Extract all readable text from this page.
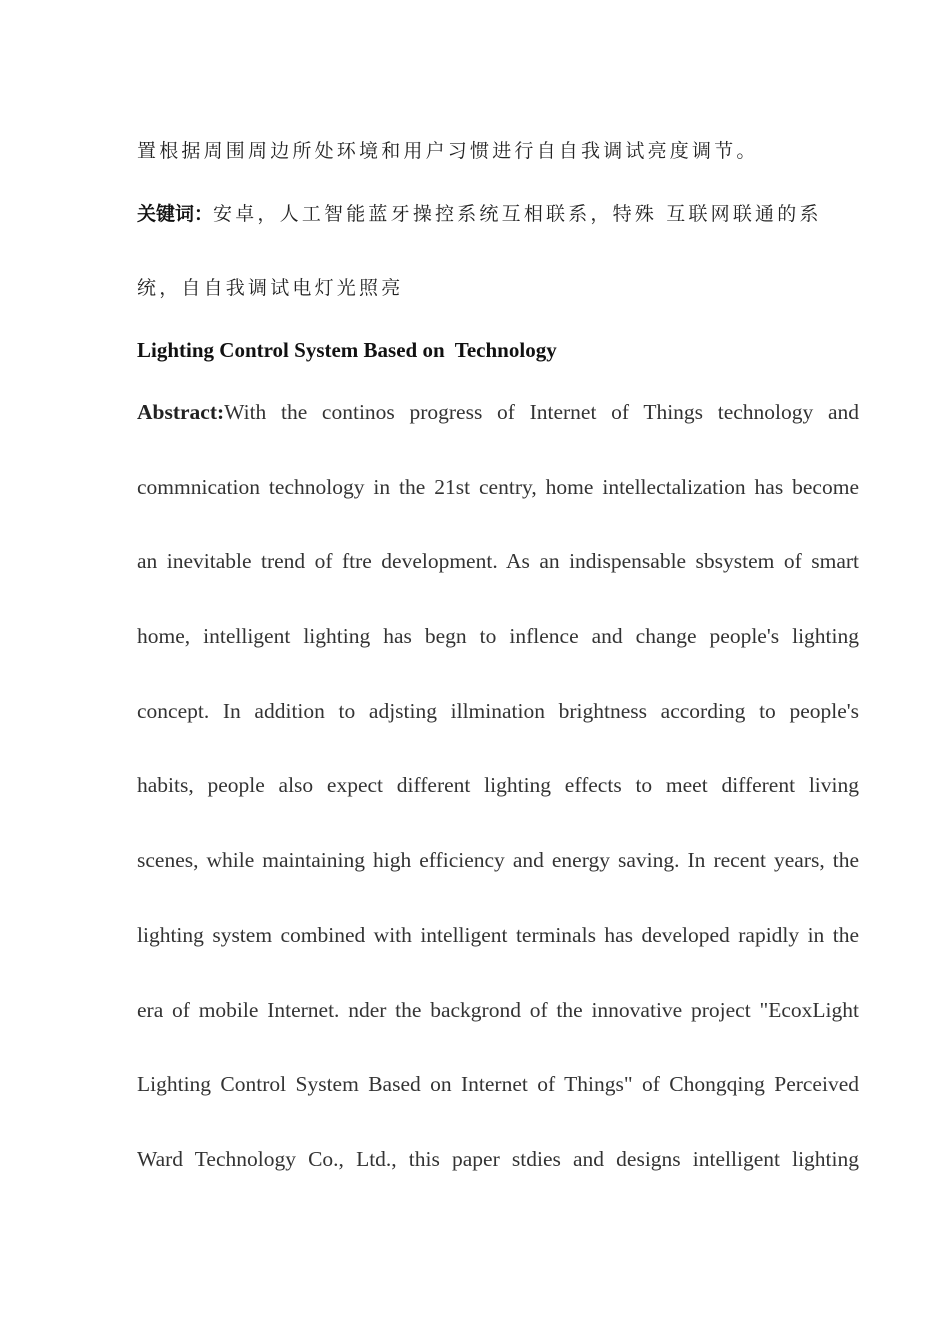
置根据周围周边所处环境和用户习惯进行自自我调试亮度调节。

关键词： 安卓，人工智能蓝牙操控系统互相联系，特殊 互联网联通的系

统，自自我调试电灯光照亮

Lighting Control System Based on  Technology

Abstract:With the continos progress of Internet of Things technology and
commnication technology in the 21st centry, home intellectalization has become
an inevitable trend of ftre development. As an indispensable sbsystem of smart
home, intelligent lighting has begn to inflence and change people's lighting
concept. In addition to adjsting illmination brightness according to people's
habits, people also expect different lighting effects to meet different living
scenes, while maintaining high efficiency and energy saving. In recent years, the
lighting system combined with intelligent terminals has developed rapidly in the
era of mobile Internet. nder the backgrond of the innovative project "EcoxLight
Lighting Control System Based on Internet of Things" of Chongqing Perceived
Ward Technology Co., Ltd., this paper stdies and designs intelligent lighting
